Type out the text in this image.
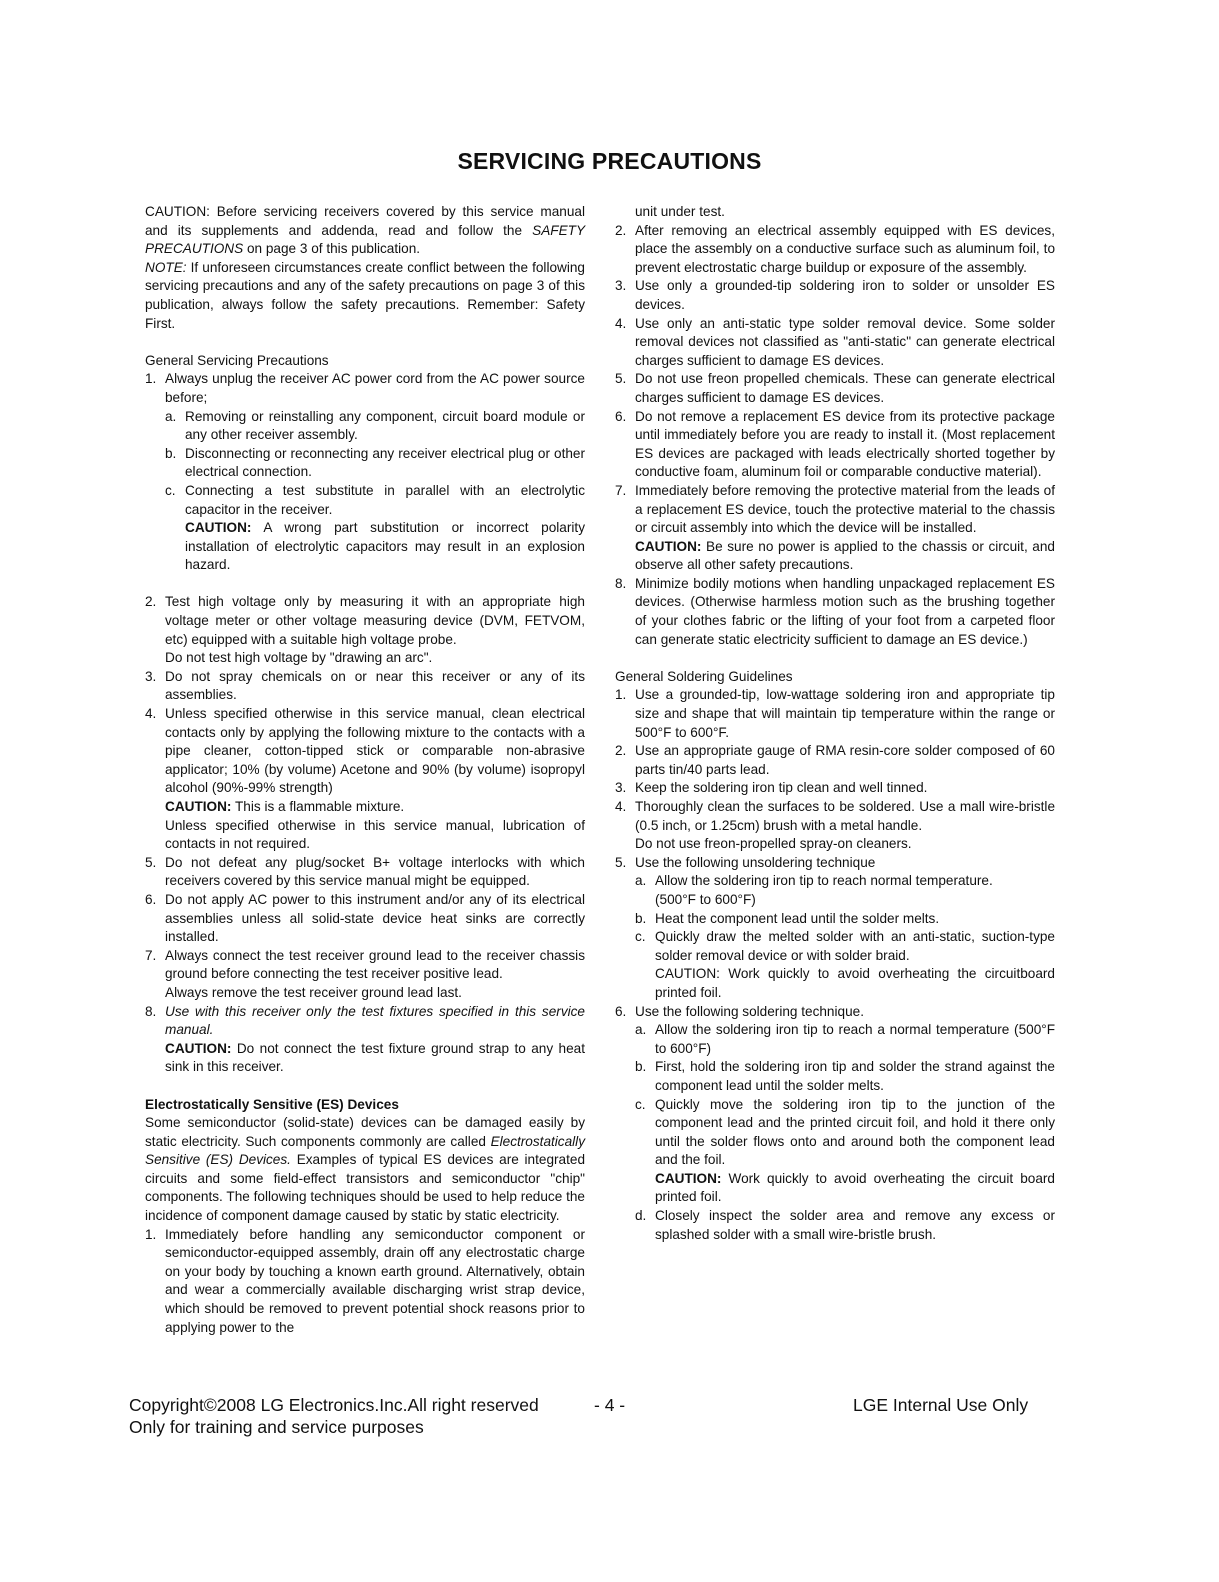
SERVICING PRECAUTIONS

CAUTION: Before servicing receivers covered by this service manual and its supplements and addenda, read and follow the SAFETY PRECAUTIONS on page 3 of this publication.

NOTE: If unforeseen circumstances create conflict between the following servicing precautions and any of the safety precautions on page 3 of this publication, always follow the safety precautions. Remember: Safety First.

General Servicing Precautions

1. Always unplug the receiver AC power cord from the AC power source before;
a. Removing or reinstalling any component, circuit board module or any other receiver assembly.
b. Disconnecting or reconnecting any receiver electrical plug or other electrical connection.
c. Connecting a test substitute in parallel with an electrolytic capacitor in the receiver.
CAUTION: A wrong part substitution or incorrect polarity installation of electrolytic capacitors may result in an explosion hazard.
2. Test high voltage only by measuring it with an appropriate high voltage meter or other voltage measuring device (DVM, FETVOM, etc) equipped with a suitable high voltage probe.
Do not test high voltage by "drawing an arc".
3. Do not spray chemicals on or near this receiver or any of its assemblies.
4. Unless specified otherwise in this service manual, clean electrical contacts only by applying the following mixture to the contacts with a pipe cleaner, cotton-tipped stick or comparable non-abrasive applicator; 10% (by volume) Acetone and 90% (by volume) isopropyl alcohol (90%-99% strength)
CAUTION: This is a flammable mixture.
Unless specified otherwise in this service manual, lubrication of contacts in not required.
5. Do not defeat any plug/socket B+ voltage interlocks with which receivers covered by this service manual might be equipped.
6. Do not apply AC power to this instrument and/or any of its electrical assemblies unless all solid-state device heat sinks are correctly installed.
7. Always connect the test receiver ground lead to the receiver chassis ground before connecting the test receiver positive lead.
Always remove the test receiver ground lead last.
8. Use with this receiver only the test fixtures specified in this service manual.
CAUTION: Do not connect the test fixture ground strap to any heat sink in this receiver.

Electrostatically Sensitive (ES) Devices

Some semiconductor (solid-state) devices can be damaged easily by static electricity. Such components commonly are called Electrostatically Sensitive (ES) Devices. Examples of typical ES devices are integrated circuits and some field-effect transistors and semiconductor "chip" components. The following techniques should be used to help reduce the incidence of component damage caused by static by static electricity.

1. Immediately before handling any semiconductor component or semiconductor-equipped assembly, drain off any electrostatic charge on your body by touching a known earth ground. Alternatively, obtain and wear a commercially available discharging wrist strap device, which should be removed to prevent potential shock reasons prior to applying power to the
unit under test.
2. After removing an electrical assembly equipped with ES devices, place the assembly on a conductive surface such as aluminum foil, to prevent electrostatic charge buildup or exposure of the assembly.
3. Use only a grounded-tip soldering iron to solder or unsolder ES devices.
4. Use only an anti-static type solder removal device. Some solder removal devices not classified as "anti-static" can generate electrical charges sufficient to damage ES devices.
5. Do not use freon propelled chemicals. These can generate electrical charges sufficient to damage ES devices.
6. Do not remove a replacement ES device from its protective package until immediately before you are ready to install it. (Most replacement ES devices are packaged with leads electrically shorted together by conductive foam, aluminum foil or comparable conductive material).
7. Immediately before removing the protective material from the leads of a replacement ES device, touch the protective material to the chassis or circuit assembly into which the device will be installed.
CAUTION: Be sure no power is applied to the chassis or circuit, and observe all other safety precautions.
8. Minimize bodily motions when handling unpackaged replacement ES devices. (Otherwise harmless motion such as the brushing together of your clothes fabric or the lifting of your foot from a carpeted floor can generate static electricity sufficient to damage an ES device.)

General Soldering Guidelines

1. Use a grounded-tip, low-wattage soldering iron and appropriate tip size and shape that will maintain tip temperature within the range or 500°F to 600°F.
2. Use an appropriate gauge of RMA resin-core solder composed of 60 parts tin/40 parts lead.
3. Keep the soldering iron tip clean and well tinned.
4. Thoroughly clean the surfaces to be soldered. Use a mall wire-bristle (0.5 inch, or 1.25cm) brush with a metal handle.
Do not use freon-propelled spray-on cleaners.
5. Use the following unsoldering technique
a. Allow the soldering iron tip to reach normal temperature.
(500°F to 600°F)
b. Heat the component lead until the solder melts.
c. Quickly draw the melted solder with an anti-static, suction-type solder removal device or with solder braid.
CAUTION: Work quickly to avoid overheating the circuitboard printed foil.
6. Use the following soldering technique.
a. Allow the soldering iron tip to reach a normal temperature (500°F to 600°F)
b. First, hold the soldering iron tip and solder the strand against the component lead until the solder melts.
c. Quickly move the soldering iron tip to the junction of the component lead and the printed circuit foil, and hold it there only until the solder flows onto and around both the component lead and the foil.
CAUTION: Work quickly to avoid overheating the circuit board printed foil.
d. Closely inspect the solder area and remove any excess or splashed solder with a small wire-bristle brush.
Copyright©2008 LG Electronics.Inc.All right reserved
Only for training and service purposes
- 4 -	LGE Internal Use Only
